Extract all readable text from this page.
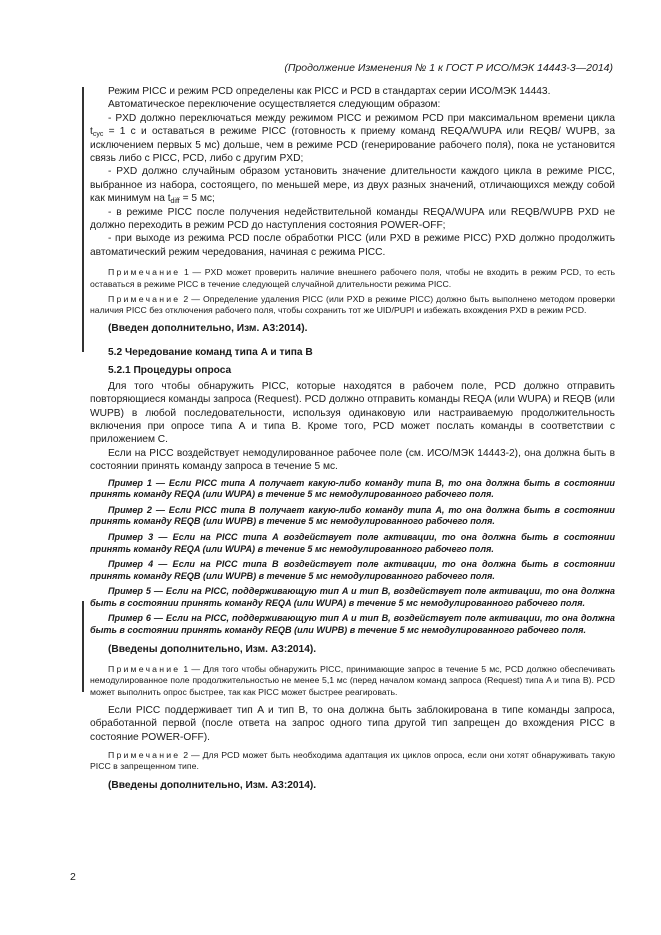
(Продолжение Изменения № 1 к ГОСТ Р ИСО/МЭК 14443-3—2014)

Режим PICC и режим PCD определены как PICC и PCD в стандартах серии ИСО/МЭК 14443.

Автоматическое переключение осуществляется следующим образом:

- PXD должно переключаться между режимом PICC и режимом PCD при максимальном времени цикла $t_{cyc} = 1$ с и оставаться в режиме PICC (готовность к приему команд REQA/WUPA или REQB/ WUPB, за исключением первых 5 мс) дольше, чем в режиме PCD (генерирование рабочего поля), пока не установится связь либо с PICC, PCD, либо с другим PXD;

- PXD должно случайным образом установить значение длительности каждого цикла в режиме PICC, выбранное из набора, состоящего, по меньшей мере, из двух разных значений, отличающихся между собой как минимум на $t_{diff} = 5$ мс;

- в режиме PICC после получения недействительной команды REQA/WUPA или REQB/WUPB PXD не должно переходить в режим PCD до наступления состояния POWER-OFF;

- при выходе из режима PCD после обработки PICC (или PXD в режиме PICC) PXD должно продолжить автоматический режим чередования, начиная с режима PICC.

Примечание 1 — PXD может проверить наличие внешнего рабочего поля, чтобы не входить в режим PCD, то есть оставаться в режиме PICC в течение следующей случайной длительности режима PICC.

Примечание 2 — Определение удаления PICC (или PXD в режиме PICC) должно быть выполнено методом проверки наличия PICC без отключения рабочего поля, чтобы сохранить тот же UID/PUPI и избежать вхождения PXD в режим PCD.

(Введен дополнительно, Изм. А3:2014).

5.2 Чередование команд типа A и типа B

5.2.1 Процедуры опроса

Для того чтобы обнаружить PICC, которые находятся в рабочем поле, PCD должно отправить повторяющиеся команды запроса (Request). PCD должно отправить команды REQA (или WUPA) и REQB (или WUPB) в любой последовательности, используя одинаковую или настраиваемую продолжительность включения при опросе типа A и типа B. Кроме того, PCD может послать команды в соответствии с приложением С.

Если на PICC воздействует немодулированное рабочее поле (см. ИСО/МЭК 14443-2), она должна быть в состоянии принять команду запроса в течение 5 мс.

Пример 1 — Если PICC типа A получает какую-либо команду типа B, то она должна быть в состоянии принять команду REQA (или WUPA) в течение 5 мс немодулированного рабочего поля.

Пример 2 — Если PICC типа B получает какую-либо команду типа A, то она должна быть в состоянии принять команду REQB (или WUPB) в течение 5 мс немодулированного рабочего поля.

Пример 3 — Если на PICC типа A воздействует поле активации, то она должна быть в состоянии принять команду REQA (или WUPA) в течение 5 мс немодулированного рабочего поля.

Пример 4 — Если на PICC типа B воздействует поле активации, то она должна быть в состоянии принять команду REQB (или WUPB) в течение 5 мс немодулированного рабочего поля.

Пример 5 — Если на PICC, поддерживающую тип A и тип B, воздействует поле активации, то она должна быть в состоянии принять команду REQA (или WUPA) в течение 5 мс немодулированного рабочего поля.

Пример 6 — Если на PICC, поддерживающую тип A и тип B, воздействует поле активации, то она должна быть в состоянии принять команду REQB (или WUPB) в течение 5 мс немодулированного рабочего поля.

(Введены дополнительно, Изм. А3:2014).

Примечание 1 — Для того чтобы обнаружить PICC, принимающие запрос в течение 5 мс, PCD должно обеспечивать немодулированное поле продолжительностью не менее 5,1 мс (перед началом команд запроса (Request) типа A и типа B). PCD может выполнить опрос быстрее, так как PICC может быстрее реагировать.

Если PICC поддерживает тип A и тип B, то она должна быть заблокирована в типе команды запроса, обработанной первой (после ответа на запрос одного типа другой тип запрещен до вхождения PICC в состояние POWER-OFF).

Примечание 2 — Для PCD может быть необходима адаптация их циклов опроса, если они хотят обнаруживать такую PICC в запрещенном типе.

(Введены дополнительно, Изм. А3:2014).

2
